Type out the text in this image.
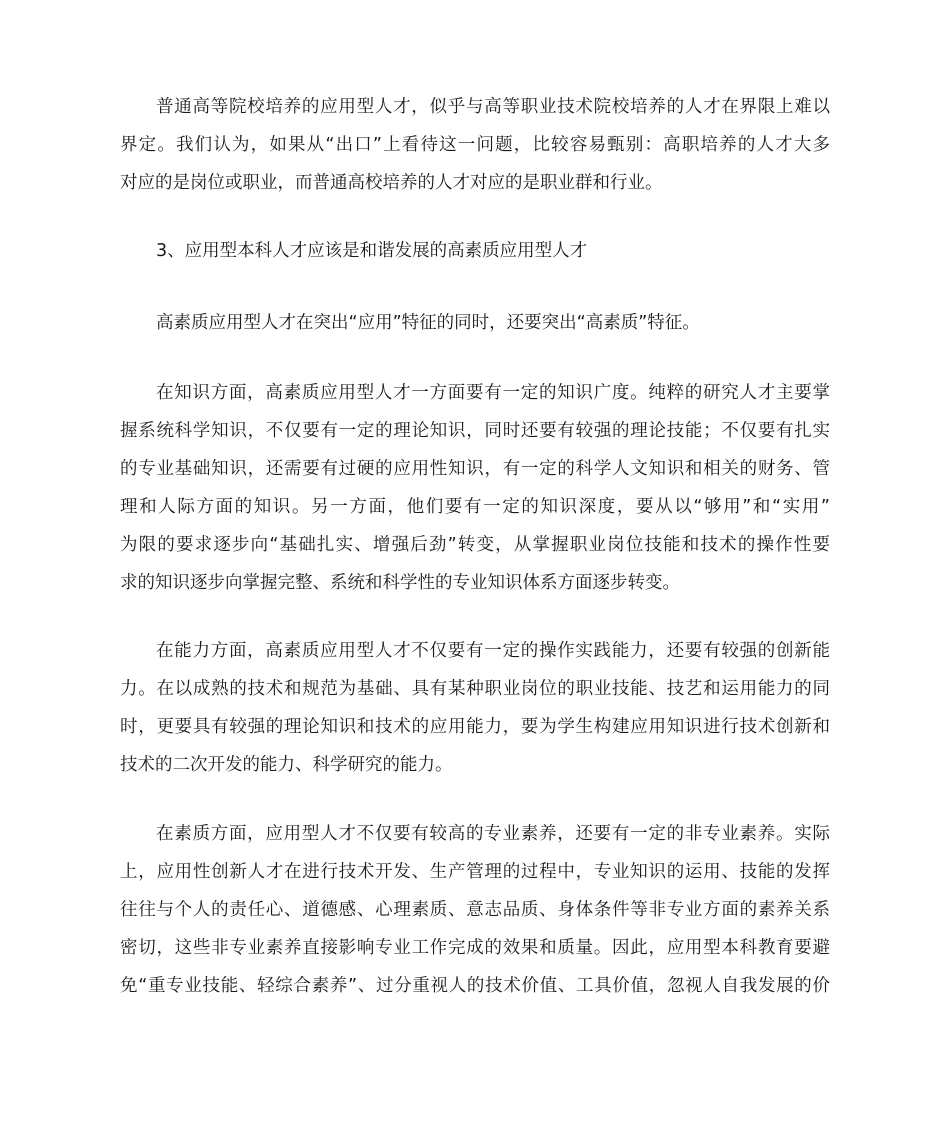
普通高等院校培养的应用型人才，似乎与高等职业技术院校培养的人才在界限上难以
界定。我们认为，如果从“出口”上看待这一问题，比较容易甄别：高职培养的人才大多
对应的是岗位或职业，而普通高校培养的人才对应的是职业群和行业。
3、应用型本科人才应该是和谐发展的高素质应用型人才
高素质应用型人才在突出“应用”特征的同时，还要突出“高素质”特征。
在知识方面，高素质应用型人才一方面要有一定的知识广度。纯粹的研究人才主要掌
握系统科学知识，不仅要有一定的理论知识，同时还要有较强的理论技能；不仅要有扎实
的专业基础知识，还需要有过硬的应用性知识，有一定的科学人文知识和相关的财务、管
理和人际方面的知识。另一方面，他们要有一定的知识深度，要从以“够用”和“实用”
为限的要求逐步向“基础扎实、增强后劲”转变，从掌握职业岗位技能和技术的操作性要
求的知识逐步向掌握完整、系统和科学性的专业知识体系方面逐步转变。
在能力方面，高素质应用型人才不仅要有一定的操作实践能力，还要有较强的创新能
力。在以成熟的技术和规范为基础、具有某种职业岗位的职业技能、技艺和运用能力的同
时，更要具有较强的理论知识和技术的应用能力，要为学生构建应用知识进行技术创新和
技术的二次开发的能力、科学研究的能力。
在素质方面，应用型人才不仅要有较高的专业素养，还要有一定的非专业素养。实际
上，应用性创新人才在进行技术开发、生产管理的过程中，专业知识的运用、技能的发挥
往往与个人的责任心、道德感、心理素质、意志品质、身体条件等非专业方面的素养关系
密切，这些非专业素养直接影响专业工作完成的效果和质量。因此，应用型本科教育要避
免“重专业技能、轻综合素养”、过分重视人的技术价值、工具价值，忽视人自我发展的价
